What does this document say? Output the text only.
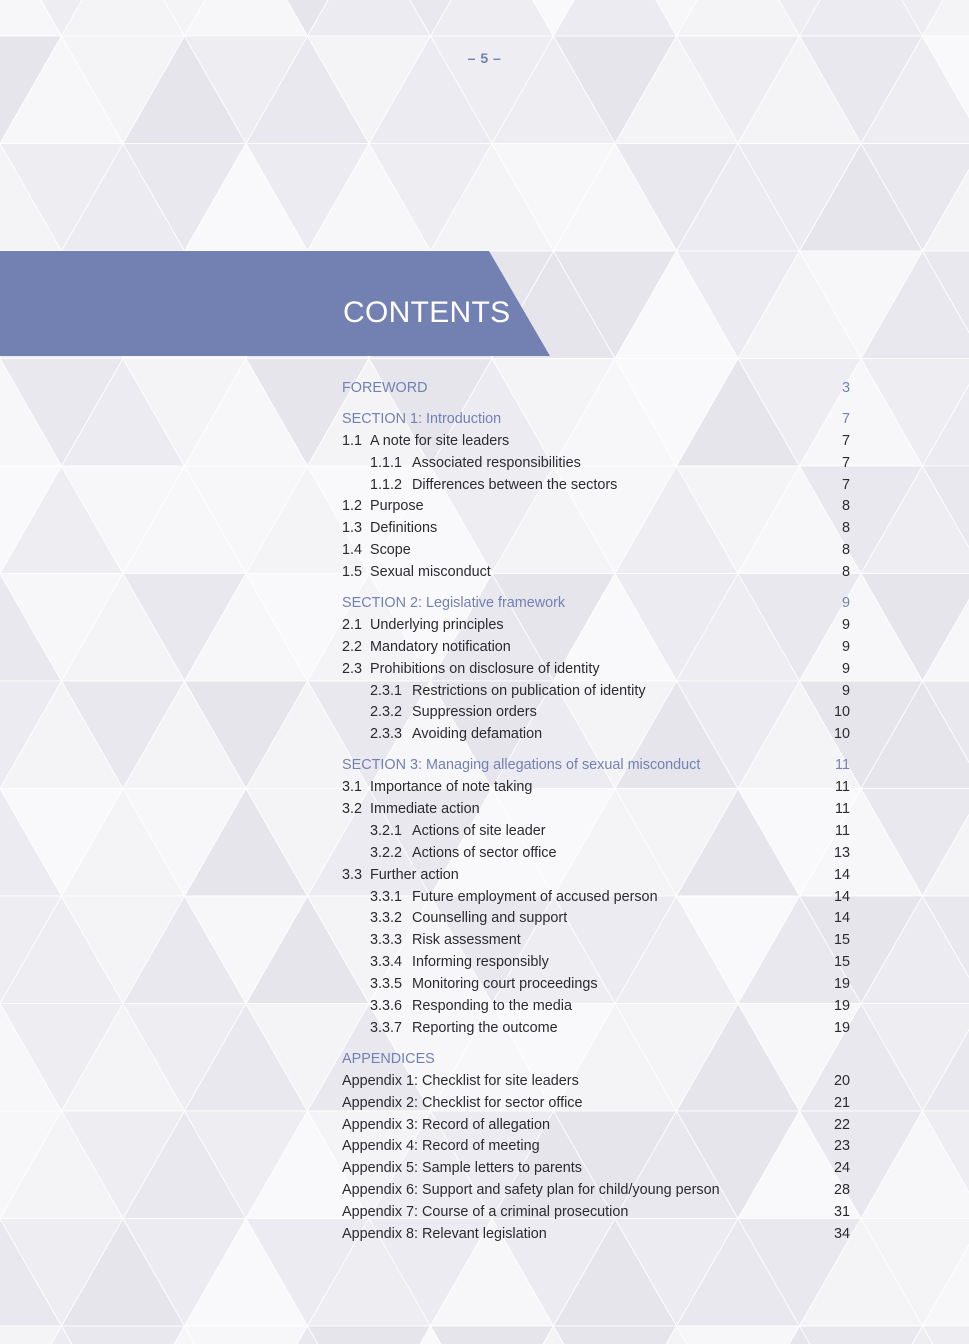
– 5 –
CONTENTS
FOREWORD	3
SECTION 1: Introduction	7
1.1 A note for site leaders	7
1.1.1 Associated responsibilities	7
1.1.2 Differences between the sectors	7
1.2 Purpose	8
1.3 Definitions	8
1.4 Scope	8
1.5 Sexual misconduct	8
SECTION 2: Legislative framework	9
2.1 Underlying principles	9
2.2 Mandatory notification	9
2.3 Prohibitions on disclosure of identity	9
2.3.1 Restrictions on publication of identity	9
2.3.2 Suppression orders	10
2.3.3 Avoiding defamation	10
SECTION 3: Managing allegations of sexual misconduct	11
3.1 Importance of note taking	11
3.2 Immediate action	11
3.2.1 Actions of site leader	11
3.2.2 Actions of sector office	13
3.3 Further action	14
3.3.1 Future employment of accused person	14
3.3.2 Counselling and support	14
3.3.3 Risk assessment	15
3.3.4 Informing responsibly	15
3.3.5 Monitoring court proceedings	19
3.3.6 Responding to the media	19
3.3.7 Reporting the outcome	19
APPENDICES
Appendix 1: Checklist for site leaders	20
Appendix 2: Checklist for sector office	21
Appendix 3: Record of allegation	22
Appendix 4: Record of meeting	23
Appendix 5: Sample letters to parents	24
Appendix 6: Support and safety plan for child/young person	28
Appendix 7: Course of a criminal prosecution	31
Appendix 8: Relevant legislation	34
